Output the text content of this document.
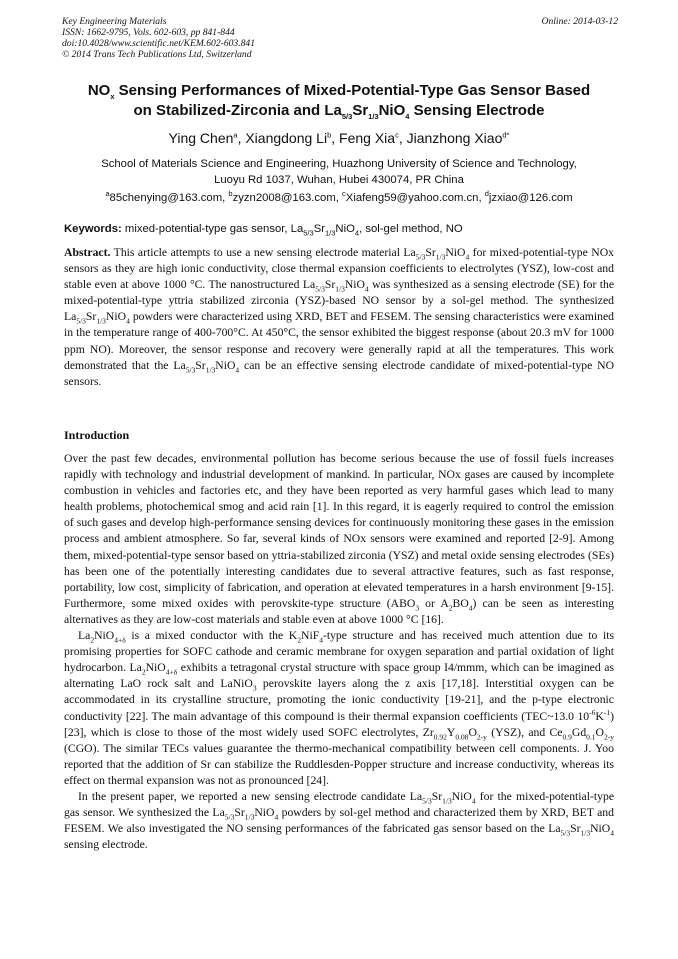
Key Engineering Materials
ISSN: 1662-9795, Vols. 602-603, pp 841-844
doi:10.4028/www.scientific.net/KEM.602-603.841
© 2014 Trans Tech Publications Ltd, Switzerland
Online: 2014-03-12
$NO_x$ Sensing Performances of Mixed-Potential-Type Gas Sensor Based
on Stabilized-Zirconia and $La_{5/3}Sr_{1/3}NiO_4$ Sensing Electrode
Ying Chen$^a$, Xiangdong Li$^b$, Feng Xia$^c$, Jianzhong Xiao$^{d*}$
School of Materials Science and Engineering, Huazhong University of Science and Technology,
Luoyu Rd 1037, Wuhan, Hubei 430074, PR China
$^a$85chenying@163.com, $^b$zyzn2008@163.com, $^c$Xiafeng59@yahoo.com.cn, $^d$jzxiao@126.com
Keywords: mixed-potential-type gas sensor, $La_{5/3}Sr_{1/3}NiO_4$, sol-gel method, NO

Abstract. This article attempts to use a new sensing electrode material $La_{5/3}Sr_{1/3}NiO_4$ for mixed-potential-type NOx sensors as they are high ionic conductivity, close thermal expansion coefficients to electrolytes (YSZ), low-cost and stable even at above 1000 °C. The nanostructured $La_{5/3}Sr_{1/3}NiO_4$ was synthesized as a sensing electrode (SE) for the mixed-potential-type yttria stabilized zirconia (YSZ)-based NO sensor by a sol-gel method. The synthesized $La_{5/3}Sr_{1/3}NiO_4$ powders were characterized using XRD, BET and FESEM. The sensing characteristics were examined in the temperature range of 400-700°C. At 450°C, the sensor exhibited the biggest response (about 20.3 mV for 1000 ppm NO). Moreover, the sensor response and recovery were generally rapid at all the temperatures. This work demonstrated that the $La_{5/3}Sr_{1/3}NiO_4$ can be an effective sensing electrode candidate of mixed-potential-type NO sensors.

Introduction

Over the past few decades, environmental pollution has become serious because the use of fossil fuels increases rapidly with technology and industrial development of mankind. In particular, NOx gases are caused by incomplete combustion in vehicles and factories etc, and they have been reported as very harmful gases which lead to many health problems, photochemical smog and acid rain [1]. In this regard, it is eagerly required to control the emission of such gases and develop high-performance sensing devices for continuously monitoring these gases in the emission process and ambient atmosphere. So far, several kinds of NOx sensors were examined and reported [2-9]. Among them, mixed-potential-type sensor based on yttria-stabilized zirconia (YSZ) and metal oxide sensing electrodes (SEs) has been one of the potentially interesting candidates due to several attractive features, such as fast response, portability, low cost, simplicity of fabrication, and operation at elevated temperatures in a harsh environment [9-15]. Furthermore, some mixed oxides with perovskite-type structure ($ABO_3$ or $A_2BO_4$) can be seen as interesting alternatives as they are low-cost materials and stable even at above 1000 °C [16].

$La_2NiO_{4+\delta}$ is a mixed conductor with the $K_2NiF_4$-type structure and has received much attention due to its promising properties for SOFC cathode and ceramic membrane for oxygen separation and partial oxidation of light hydrocarbon. $La_2NiO_{4+\delta}$ exhibits a tetragonal crystal structure with space group I4/mmm, which can be imagined as alternating LaO rock salt and LaNiO$_3$ perovskite layers along the z axis [17,18]. Interstitial oxygen can be accommodated in its crystalline structure, promoting the ionic conductivity [19-21], and the p-type electronic conductivity [22]. The main advantage of this compound is their thermal expansion coefficients (TEC~13.0 $10^{-6}K^{-1}$) [23], which is close to those of the most widely used SOFC electrolytes, $Zr_{0.92}Y_{0.08}O_{2-y}$ (YSZ), and $Ce_{0.9}Gd_{0.1}O_{2-y}$ (CGO). The similar TECs values guarantee the thermo-mechanical compatibility between cell components. J. Yoo reported that the addition of Sr can stabilize the Ruddlesden-Popper structure and increase conductivity, whereas its effect on thermal expansion was not as pronounced [24].

In the present paper, we reported a new sensing electrode candidate $La_{5/3}Sr_{1/3}NiO_4$ for the mixed-potential-type gas sensor. We synthesized the $La_{5/3}Sr_{1/3}NiO_4$ powders by sol-gel method and characterized them by XRD, BET and FESEM. We also investigated the NO sensing performances of the fabricated gas sensor based on the $La_{5/3}Sr_{1/3}NiO_4$ sensing electrode.
